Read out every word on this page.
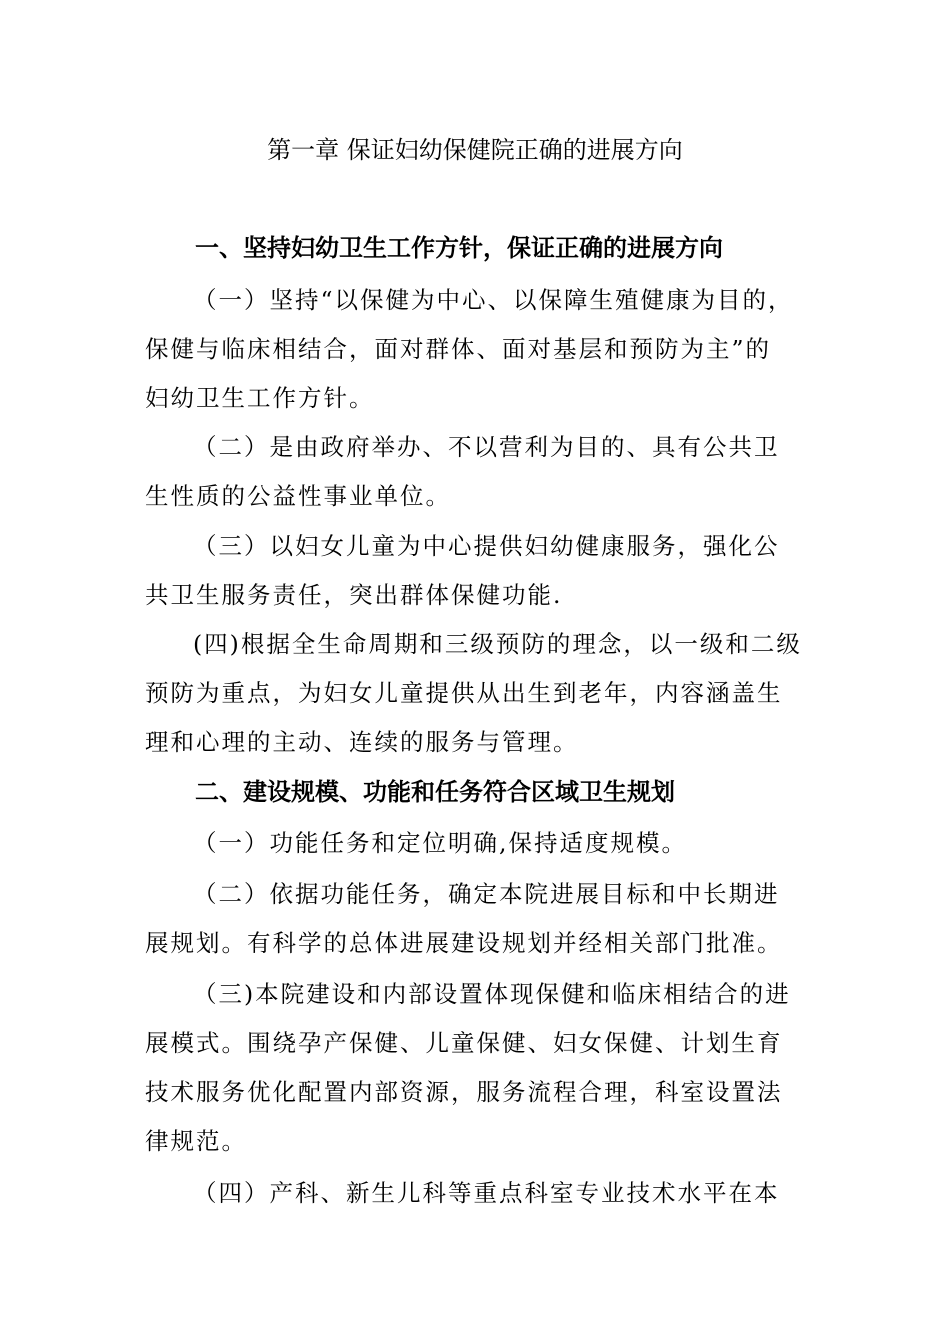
第一章 保证妇幼保健院正确的进展方向
一、坚持妇幼卫生工作方针，保证正确的进展方向

（一）坚持“以保健为中心、以保障生殖健康为目的，
保健与临床相结合，面对群体、面对基层和预防为主”的
妇幼卫生工作方针。

（二）是由政府举办、不以营利为目的、具有公共卫
生性质的公益性事业单位。

（三）以妇女儿童为中心提供妇幼健康服务，强化公
共卫生服务责任，突出群体保健功能.

(四)根据全生命周期和三级预防的理念，以一级和二级
预防为重点，为妇女儿童提供从出生到老年，内容涵盖生
理和心理的主动、连续的服务与管理。

二、建设规模、功能和任务符合区域卫生规划

（一）功能任务和定位明确,保持适度规模。

（二）依据功能任务，确定本院进展目标和中长期进
展规划。有科学的总体进展建设规划并经相关部门批准。

（三)本院建设和内部设置体现保健和临床相结合的进
展模式。围绕孕产保健、儿童保健、妇女保健、计划生育
技术服务优化配置内部资源，服务流程合理，科室设置法
律规范。

（四）产科、新生儿科等重点科室专业技术水平在本
